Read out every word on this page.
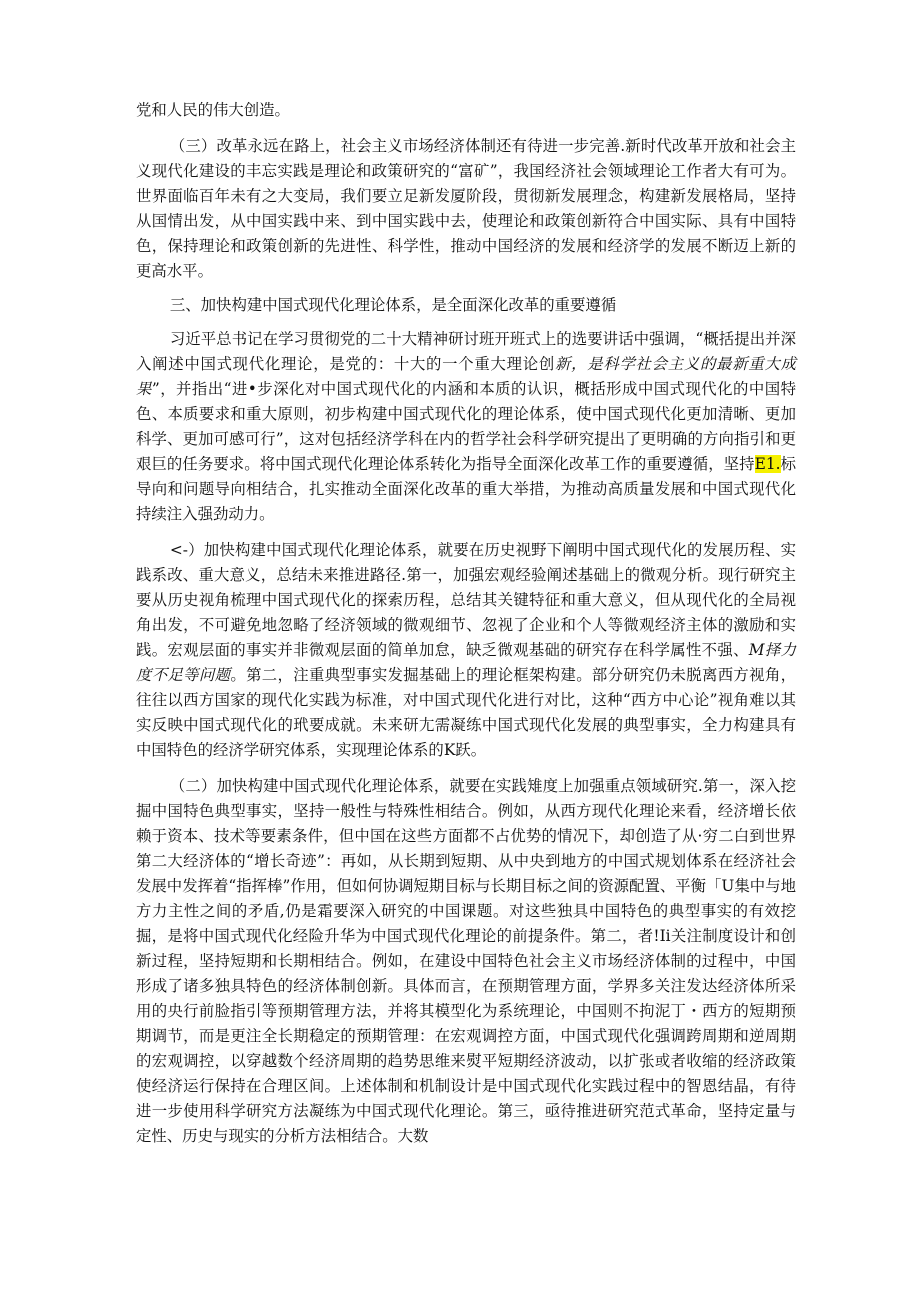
党和人民的伟大创造。

（三）改革永远在路上，社会主义市场经济体制还有待进一步完善.新时代改革开放和社会主义现代化建设的丰忘实践是理论和政策研究的“富矿”，我国经济社会领域理论工作者大有可为。世界面临百年未有之大变局，我们要立足新发厦阶段，贯彻新发展理念，构建新发展格局，坚持从国情出发，从中国实践中来、到中国实践中去，使理论和政策创新符合中国实际、具有中国特色，保持理论和政策创新的先进性、科学性，推动中国经济的发展和经济学的发展不断迈上新的更高水平。

三、加快构建中国式现代化理论体系，是全面深化改革的重要遵循

习近平总书记在学习贯彻党的二十大精神研讨班开班式上的选要讲话中强调，“概括提出并深入阐述中国式现代化理论，是党的：十大的一个重大理论创新，是科学社会主义的最新重大成果”，并指出“进•步深化对中国式现代化的内涵和本质的认识，概括形成中国式现代化的中国特色、本质要求和重大原则，初步构建中国式现代化的理论体系，使中国式现代化更加清晰、更加科学、更加可感可行”，这对包括经济学科在内的哲学社会科学研究提出了更明确的方向指引和更艰巨的任务要求。将中国式现代化理论体系转化为指导全面深化改革工作的重要遵循，坚持E1.标导向和问题导向相结合，扎实推动全面深化改革的重大举措，为推动高质量发展和中国式现代化持续注入强劲动力。

<-）加快构建中国式现代化理论体系，就要在历史视野下阐明中国式现代化的发展历程、实践系改、重大意义，总结未来推进路径.第一，加强宏观经验阐述基础上的微观分析。现行研究主要从历史视角梳理中国式现代化的探索历程，总结其关键特征和重大意义，但从现代化的全局视角出发，不可避免地忽略了经济领域的微观细节、忽视了企业和个人等微观经济主体的激励和实践。宏观层面的事实并非微观层面的简单加怠，缺乏微观基础的研究存在科学属性不强、M择力度不足等问题。第二，注重典型事实发掘基础上的理论框架构建。部分研究仍未脱离西方视角，往往以西方国家的现代化实践为标准，对中国式现代化进行对比，这种“西方中心论”视角难以其实反映中国式现代化的玳要成就。未来研尢需凝练中国式现代化发展的典型事实，全力构建具有中国特色的经济学研究体系，实现理论体系的K跃。

（二）加快构建中国式现代化理论体系，就要在实践雉度上加强重点领域研究.第一，深入挖掘中国特色典型事实，坚持一般性与特殊性相结合。例如，从西方现代化理论来看，经济增长依赖于资本、技术等要素条件，但中国在这些方面都不占优势的情况下，却创造了从·穷二白到世界第二大经济体的“增长奇迹”：再如，从长期到短期、从中央到地方的中国式规划体系在经济社会发展中发挥着“指挥棒”作用，但如何协调短期目标与长期目标之间的资源配置、平衡「U集中与地方力主性之间的矛盾,仍是霜要深入研究的中国课题。对这些独具中国特色的典型事实的有效挖掘，是将中国式现代化经险升华为中国式现代化理论的前提条件。第二，者!Ii关注制度设计和创新过程，坚持短期和长期相结合。例如，在建设中国特色社会主义市场经济体制的过程中，中国形成了诸多独具特色的经济体制创新。具体而言，在预期管理方面，学界多关注发达经济体所采用的央行前脸指引等预期管理方法，并将其模型化为系统理论，中国则不拘泥丁・西方的短期预期调节，而是更注全长期稳定的预期管理：在宏观调控方面，中国式现代化强调跨周期和逆周期的宏观调控，以穿越数个经济周期的趋势思维来熨平短期经济波动，以扩张或者收缩的经济政策使经济运行保持在合理区间。上述体制和机制设计是中国式现代化实践过程中的智恩结晶，有待进一步使用科学研究方法凝练为中国式现代化理论。第三，亟待推进研究范式革命，坚持定量与定性、历史与现实的分析方法相结合。大数
